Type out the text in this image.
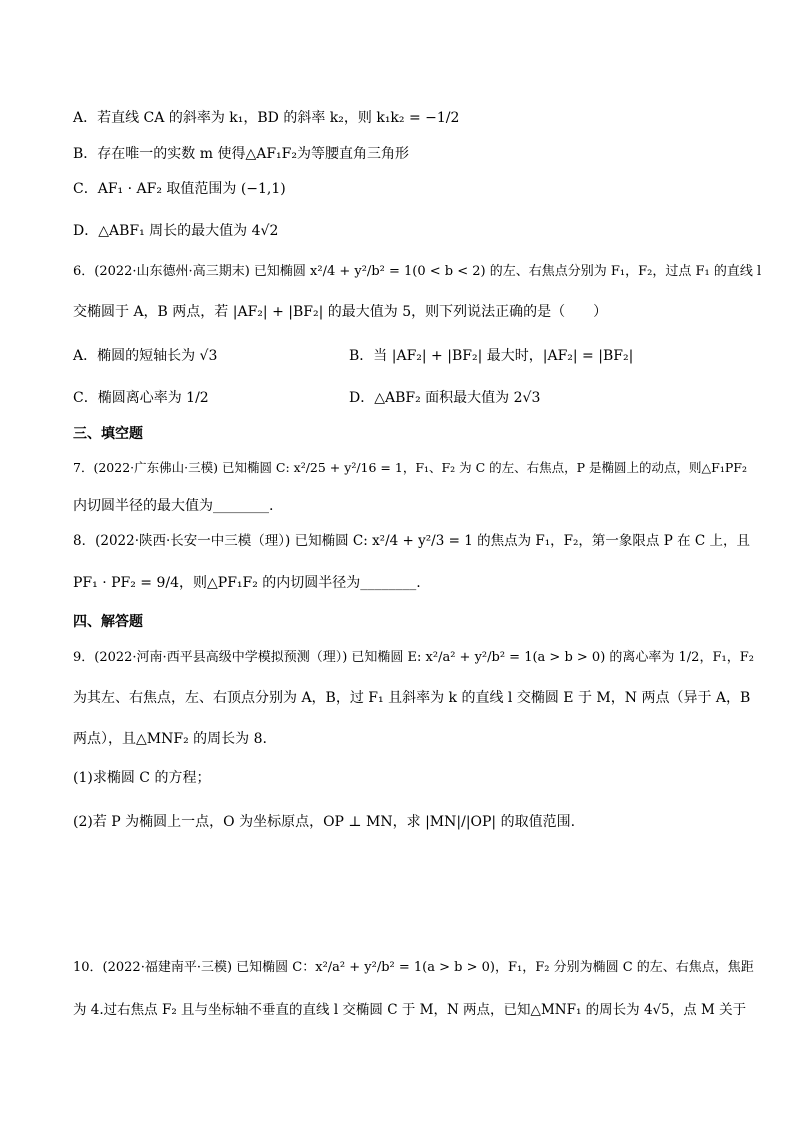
A．若直线 CA 的斜率为 k₁，BD 的斜率 k₂，则 k₁k₂ = −1/2
B．存在唯一的实数 m 使得△AF₁F₂为等腰直角三角形
C．AF₁ · AF₂ 取值范围为 (−1,1)
D．△ABF₁ 周长的最大值为 4√2
6．(2022·山东德州·高三期末) 已知椭圆 x²/4 + y²/b² = 1(0 < b < 2) 的左、右焦点分别为 F₁，F₂，过点 F₁ 的直线 l
交椭圆于 A，B 两点，若 |AF₂| + |BF₂| 的最大值为 5，则下列说法正确的是（　　）
A．椭圆的短轴长为 √3	B．当 |AF₂| + |BF₂| 最大时，|AF₂| = |BF₂|
C．椭圆离心率为 1/2	D．△ABF₂ 面积最大值为 2√3
三、填空题
7．(2022·广东佛山·三模) 已知椭圆 C: x²/25 + y²/16 = 1，F₁、F₂ 为 C 的左、右焦点，P 是椭圆上的动点，则△F₁PF₂
内切圆半径的最大值为________.
8．(2022·陕西·长安一中三模（理）) 已知椭圆 C: x²/4 + y²/3 = 1 的焦点为 F₁，F₂，第一象限点 P 在 C 上，且
PF₁ · PF₂ = 9/4，则△PF₁F₂ 的内切圆半径为________.
四、解答题
9．(2022·河南·西平县高级中学模拟预测（理）) 已知椭圆 E: x²/a² + y²/b² = 1(a > b > 0) 的离心率为 1/2，F₁，F₂
为其左、右焦点，左、右顶点分别为 A，B，过 F₁ 且斜率为 k 的直线 l 交椭圆 E 于 M，N 两点（异于 A，B
两点），且△MNF₂ 的周长为 8.
(1)求椭圆 C 的方程；
(2)若 P 为椭圆上一点，O 为坐标原点，OP ⊥ MN，求 |MN|/|OP| 的取值范围.
10．(2022·福建南平·三模) 已知椭圆 C：x²/a² + y²/b² = 1(a > b > 0)，F₁，F₂ 分别为椭圆 C 的左、右焦点，焦距
为 4.过右焦点 F₂ 且与坐标轴不垂直的直线 l 交椭圆 C 于 M，N 两点，已知△MNF₁ 的周长为 4√5，点 M 关于
